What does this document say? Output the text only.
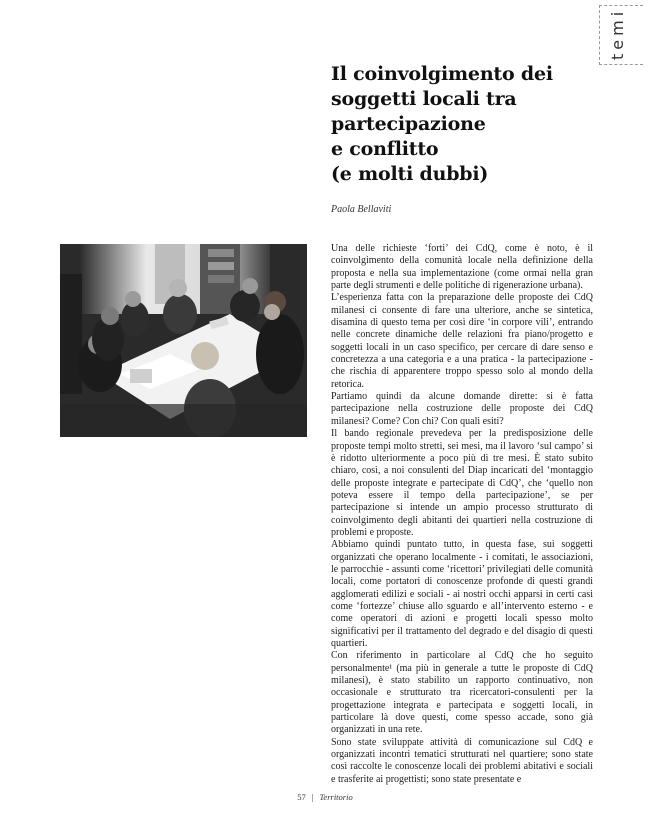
temi
Il coinvolgimento dei
soggetti locali tra
partecipazione
e conflitto
(e molti dubbi)
Paola Bellaviti

Una delle richieste ‘forti’ dei CdQ, come è noto, è il coinvolgimento della comunità locale nella definizione della proposta e nella sua implementazione (come ormai nella gran parte degli strumenti e delle politiche di rigenerazione urbana).

L’esperienza fatta con la preparazione delle proposte dei CdQ milanesi ci consente di fare una ulteriore, anche se sintetica, disamina di questo tema per così dire ‘in corpore vili’, entrando nelle concrete dinamiche delle relazioni fra piano/progetto e soggetti locali in un caso specifico, per cercare di dare senso e concretezza a una categoria e a una pratica - la partecipazione - che rischia di apparentere troppo spesso solo al mondo della retorica.

Partiamo quindi da alcune domande dirette: si è fatta partecipazione nella costruzione delle proposte dei CdQ milanesi? Come? Con chi? Con quali esiti?

Il bando regionale prevedeva per la predisposizione delle proposte tempi molto stretti, sei mesi, ma il lavoro ‘sul campo’ si è ridotto ulteriormente a poco più di tre mesi. È stato subito chiaro, così, a noi consulenti del Diap incaricati del ‘montaggio delle proposte integrate e partecipate di CdQ’, che ‘quello non poteva essere il tempo della partecipazione’, se per partecipazione si intende un ampio processo strutturato di coinvolgimento degli abitanti dei quartieri nella costruzione di problemi e proposte.

Abbiamo quindi puntato tutto, in questa fase, sui soggetti organizzati che operano localmente - i comitati, le associazioni, le parrocchie - assunti come ‘ricettori’ privilegiati delle comunità locali, come portatori di conoscenze profonde di questi grandi agglomerati edilizi e sociali - ai nostri occhi apparsi in certi casi come ‘fortezze’ chiuse allo sguardo e all’intervento esterno - e come operatori di azioni e progetti locali spesso molto significativi per il trattamento del degrado e del disagio di questi quartieri.

Con riferimento in particolare al CdQ che ho seguito personalmente¹ (ma più in generale a tutte le proposte di CdQ milanesi), è stato stabilito un rapporto continuativo, non occasionale e strutturato tra ricercatori-consulenti per la progettazione integrata e partecipata e soggetti locali, in particolare là dove questi, come spesso accade, sono già organizzati in una rete.

Sono state sviluppate attività di comunicazione sul CdQ e organizzati incontri tematici strutturati nel quartiere; sono state così raccolte le conoscenze locali dei problemi abitativi e sociali e trasferite ai progettisti; sono state presentate e

57 | Territorio
